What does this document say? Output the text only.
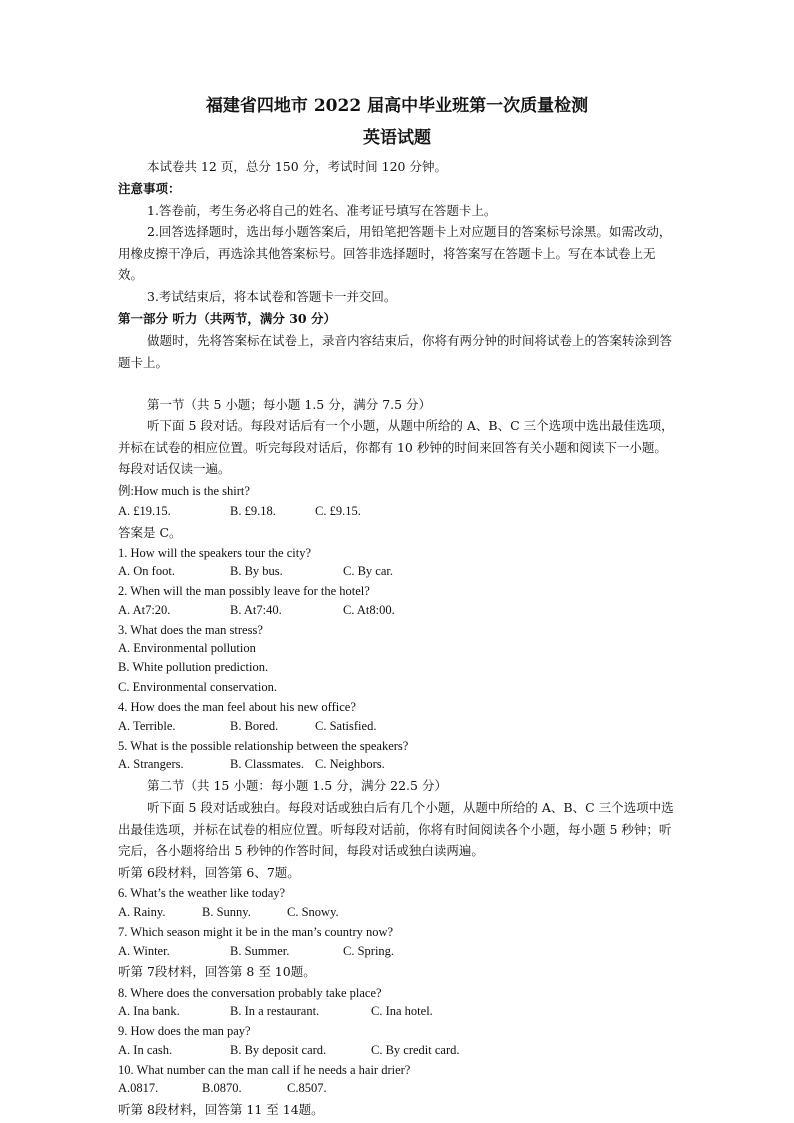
福建省四地市 2022 届高中毕业班第一次质量检测
英语试题
本试卷共 12 页，总分 150 分，考试时间 120 分钟。
注意事项：
1.答卷前，考生务必将自己的姓名、准考证号填写在答题卡上。
2.回答选择题时，选出每小题答案后，用铅笔把答题卡上对应题目的答案标号涂黑。如需改动，用橡皮擦干净后，再选涂其他答案标号。回答非选择题时，将答案写在答题卡上。写在本试卷上无效。
3.考试结束后，将本试卷和答题卡一并交回。
第一部分 听力（共两节，满分 30 分）
做题时，先将答案标在试卷上，录音内容结束后，你将有两分钟的时间将试卷上的答案转涂到答题卡上。
第一节（共 5 小题；每小题 1.5 分，满分 7.5 分）
听下面 5 段对话。每段对话后有一个小题，从题中所给的 A、B、C 三个选项中选出最佳选项，并标在试卷的相应位置。听完每段对话后，你都有 10 秒钟的时间来回答有关小题和阅读下一小题。每段对话仅读一遍。
例:How much is the shirt?
A. £19.15.	B. £9.18.	C. £9.15.
答案是 C。
1. How will the speakers tour the city?
A. On foot.	B. By bus.	C. By car.
2. When will the man possibly leave for the hotel?
A. At7:20.	B. At7:40.	C. At8:00.
3. What does the man stress?
A. Environmental pollution
B. White pollution prediction.
C. Environmental conservation.
4. How does the man feel about his new office?
A. Terrible.	B. Bored.	C. Satisfied.
5. What is the possible relationship between the speakers?
A. Strangers.	B. Classmates. C. Neighbors.
第二节（共 15 小题：每小题 1.5 分，满分 22.5 分）
听下面 5 段对话或独白。每段对话或独白后有几个小题，从题中所给的 A、B、C 三个选项中选出最佳选项，并标在试卷的相应位置。听每段对话前，你将有时间阅读各个小题，每小题 5 秒钟；听完后，各小题将给出 5 秒钟的作答时间，每段对话或独白读两遍。
听第 6段材料，回答第 6、7题。
6. What’s the weather like today?
A. Rainy.	B. Sunny.	C. Snowy.
7. Which season might it be in the man’s country now?
A. Winter.	B. Summer.	C. Spring.
听第 7段材料，回答第 8 至 10题。
8. Where does the conversation probably take place?
A. Ina bank.	B. In a restaurant.	C. Ina hotel.
9. How does the man pay?
A. In cash.	B. By deposit card.	C. By credit card.
10. What number can the man call if he needs a hair drier?
A.0817.	B.0870.	C.8507.
听第 8段材料，回答第 11 至 14题。
